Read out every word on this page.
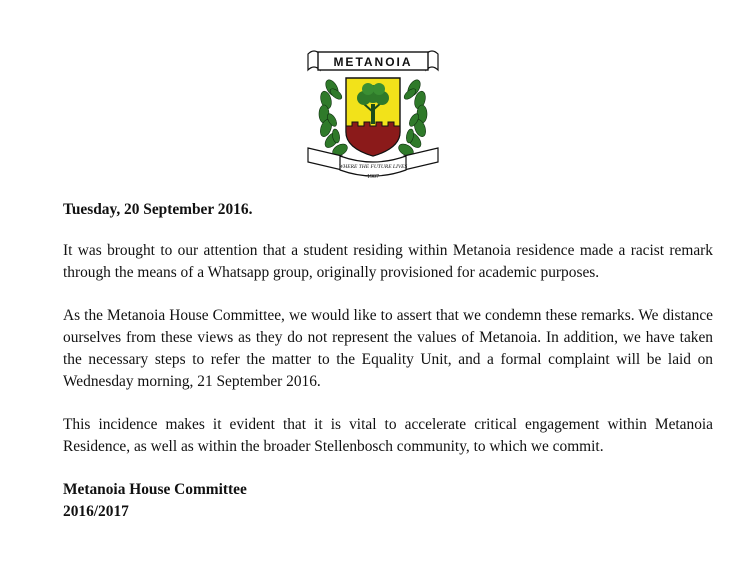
METANOIA
WHERE THE FUTURE LIVES
1907

Tuesday, 20 September 2016.

It was brought to our attention that a student residing within Metanoia residence made a racist remark through the means of a Whatsapp group, originally provisioned for academic purposes.

As the Metanoia House Committee, we would like to assert that we condemn these remarks. We distance ourselves from these views as they do not represent the values of Metanoia. In addition, we have taken the necessary steps to refer the matter to the Equality Unit, and a formal complaint will be laid on Wednesday morning, 21 September 2016.

This incidence makes it evident that it is vital to accelerate critical engagement within Metanoia Residence, as well as within the broader Stellenbosch community, to which we commit.

Metanoia House Committee
2016/2017
